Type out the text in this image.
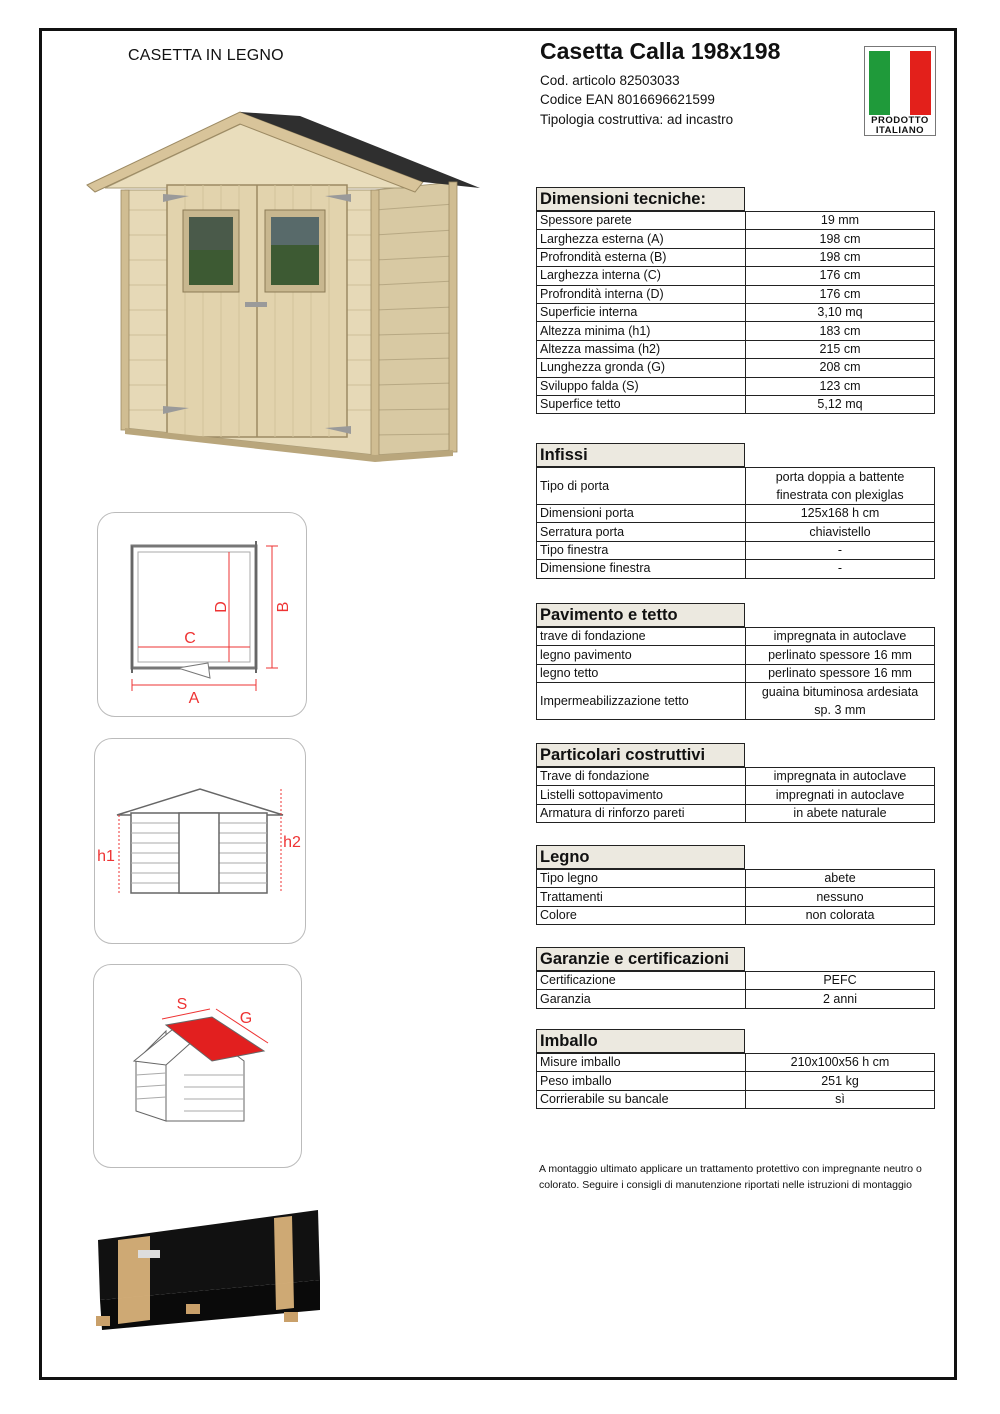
CASETTA IN LEGNO	Casetta Calla 198x198
Cod. articolo 82503033
Codice EAN 8016696621599
Tipologia costruttiva: ad incastro	PRODOTTO
ITALIANO
C
A
D	B
h1
h2
S
G
Dimensioni tecniche:
Spessore parete	19 mm
Larghezza esterna (A)	198 cm
Profrondità esterna (B)	198 cm
Larghezza interna (C)	176 cm
Profrondità interna (D)	176 cm
Superficie interna	3,10 mq
Altezza minima (h1)	183 cm
Altezza massima (h2)	215 cm
Lunghezza gronda (G)	208 cm
Sviluppo falda (S)	123 cm
Superfice tetto	5,12 mq
Infissi
Tipo di porta	porta doppia a battente
finestrata con plexiglas

Dimensioni porta	125x168 h cm
Serratura porta	chiavistello
Tipo finestra	-
Dimensione finestra	-
Pavimento e tetto
trave di fondazione	impregnata in autoclave
legno pavimento	perlinato spessore 16 mm
legno tetto	perlinato spessore 16 mm
Impermeabilizzazione tetto	guaina bituminosa ardesiata
sp. 3 mm
Particolari costruttivi
Trave di fondazione	impregnata in autoclave
Listelli sottopavimento	impregnati in autoclave
Armatura di rinforzo pareti	in abete naturale
Legno
Tipo legno	abete
Trattamenti	nessuno
Colore	non colorata
Garanzie e certificazioni
Certificazione	PEFC
Garanzia	2 anni
Imballo
Misure imballo	210x100x56 h cm
Peso imballo	251 kg
Corrierabile su bancale	sì
A montaggio ultimato applicare un trattamento protettivo con impregnante neutro o colorato. Seguire i consigli di manutenzione riportati nelle istruzioni di montaggio
